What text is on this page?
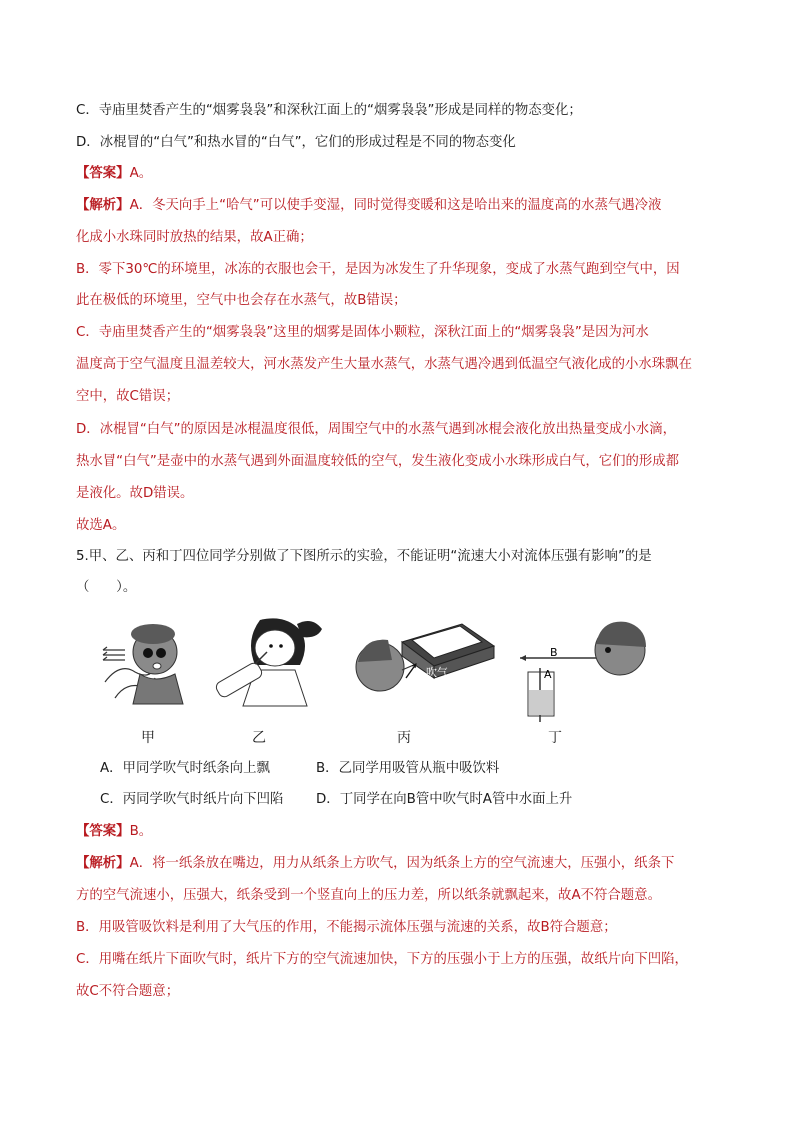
C．寺庙里焚香产生的“烟雾袅袅”和深秋江面上的“烟雾袅袅”形成是同样的物态变化；
D．冰棍冒的“白气”和热水冒的“白气”，它们的形成过程是不同的物态变化
【答案】A。
【解析】A．冬天向手上“哈气”可以使手变湿，同时觉得变暖和这是哈出来的温度高的水蒸气遇冷液
化成小水珠同时放热的结果，故A正确；
B．零下30℃的环境里，冰冻的衣服也会干，是因为冰发生了升华现象，变成了水蒸气跑到空气中，因
此在极低的环境里，空气中也会存在水蒸气，故B错误；
C．寺庙里焚香产生的“烟雾袅袅”这里的烟雾是固体小颗粒，深秋江面上的“烟雾袅袅”是因为河水
温度高于空气温度且温差较大，河水蒸发产生大量水蒸气，水蒸气遇冷遇到低温空气液化成的小水珠飘在
空中，故C错误；
D．冰棍冒“白气”的原因是冰棍温度很低，周围空气中的水蒸气遇到冰棍会液化放出热量变成小水滴，
热水冒“白气”是壶中的水蒸气遇到外面温度较低的空气，发生液化变成小水珠形成白气，它们的形成都
是液化。故D错误。
故选A。
5.甲、乙、丙和丁四位同学分别做了下图所示的实验，不能证明“流速大小对流体压强有影响”的是
（　　）。
吹气
B
A
甲	乙	丙	丁
A．甲同学吹气时纸条向上飘	B．乙同学用吸管从瓶中吸饮料
C．丙同学吹气时纸片向下凹陷 D．丁同学在向B管中吹气时A管中水面上升
【答案】B。
【解析】A．将一纸条放在嘴边，用力从纸条上方吹气，因为纸条上方的空气流速大，压强小，纸条下
方的空气流速小，压强大，纸条受到一个竖直向上的压力差，所以纸条就飘起来，故A不符合题意。
B．用吸管吸饮料是利用了大气压的作用，不能揭示流体压强与流速的关系，故B符合题意；
C．用嘴在纸片下面吹气时，纸片下方的空气流速加快，下方的压强小于上方的压强，故纸片向下凹陷，
故C不符合题意；
